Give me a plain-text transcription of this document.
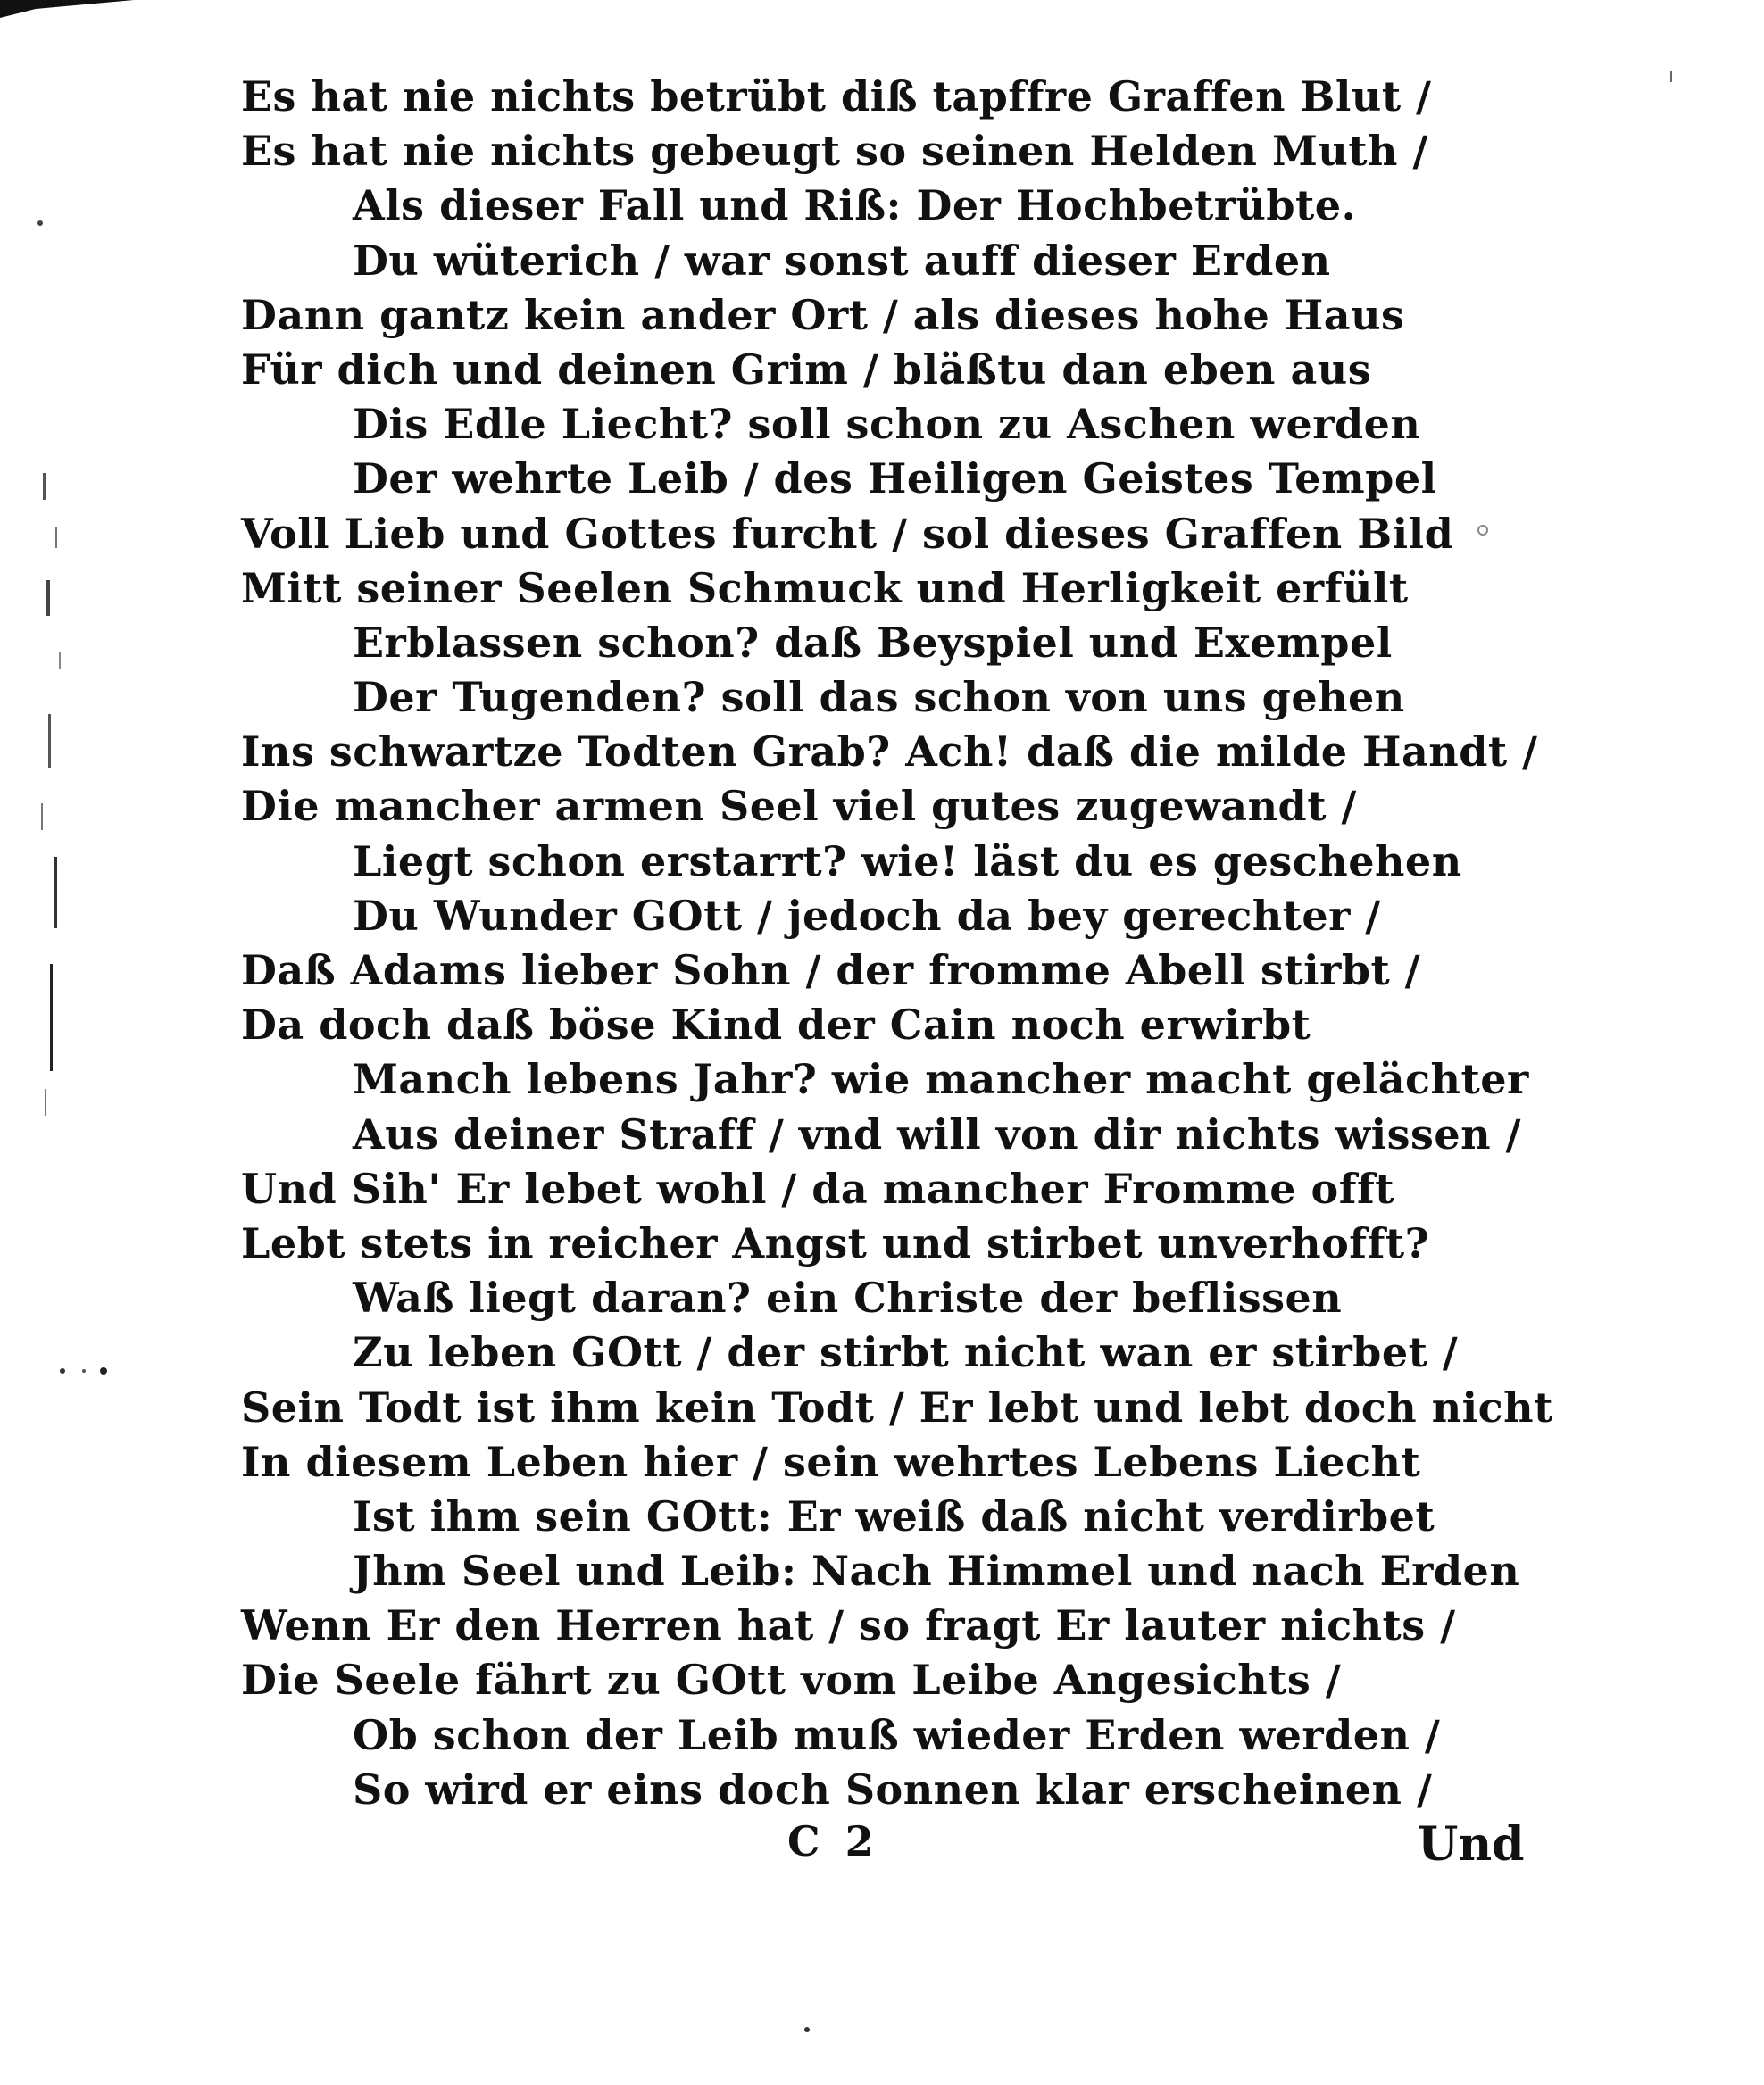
Es hat nie nichts betrübt diß tapffre Graffen Blut /
Es hat nie nichts gebeugt so seinen Helden Muth /
Als dieser Fall und Riß: Der Hochbetrübte.
Du wüterich / war sonst auff dieser Erden
Dann gantz kein ander Ort / als dieses hohe Haus
Für dich und deinen Grim / bläßtu dan eben aus
Dis Edle Liecht? soll schon zu Aschen werden
Der wehrte Leib / des Heiligen Geistes Tempel
Voll Lieb und Gottes furcht / sol dieses Graffen Bild
Mitt seiner Seelen Schmuck und Herligkeit erfült
Erblassen schon? daß Beyspiel und Exempel
Der Tugenden? soll das schon von uns gehen
Ins schwartze Todten Grab? Ach! daß die milde Handt /
Die mancher armen Seel viel gutes zugewandt /
Liegt schon erstarrt? wie! läst du es geschehen
Du Wunder GOtt / jedoch da bey gerechter /
Daß Adams lieber Sohn / der fromme Abell stirbt /
Da doch daß böse Kind der Cain noch erwirbt
Manch lebens Jahr? wie mancher macht gelächter
Aus deiner Straff / vnd will von dir nichts wissen /
Und Sih' Er lebet wohl / da mancher Fromme offt
Lebt stets in reicher Angst und stirbet unverhofft?
Waß liegt daran? ein Christe der beflissen
Zu leben GOtt / der stirbt nicht wan er stirbet /
Sein Todt ist ihm kein Todt / Er lebt und lebt doch nicht
In diesem Leben hier / sein wehrtes Lebens Liecht
Ist ihm sein GOtt: Er weiß daß nicht verdirbet
Jhm Seel und Leib: Nach Himmel und nach Erden
Wenn Er den Herren hat / so fragt Er lauter nichts /
Die Seele fährt zu GOtt vom Leibe Angesichts /
Ob schon der Leib muß wieder Erden werden /
So wird er eins doch Sonnen klar erscheinen /
C 2	Und
